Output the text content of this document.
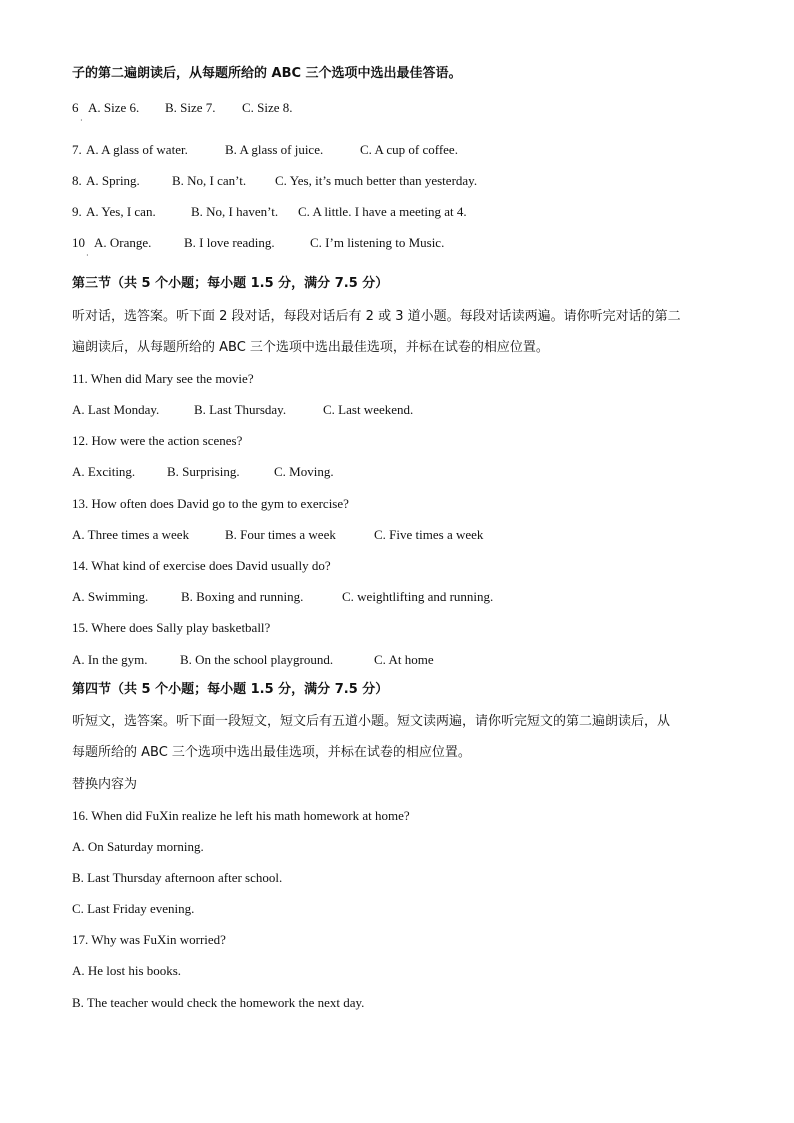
子的第二遍朗读后，从每题所给的 ABC 三个选项中选出最佳答语。
6 A. Size 6. B. Size 7. C. Size 8.
·
7. A. A glass of water.	B. A glass of juice.	C. A cup of coffee.
8. A. Spring. B. No, I can’t. C. Yes, it’s much better than yesterday.
9. A. Yes, I can.	B. No, I haven’t. C. A little. I have a meeting at 4.
10 A. Orange.	B. I love reading.	C. I’m listening to Music.
·
第三节（共 5 个小题；每小题 1.5 分，满分 7.5 分）
听对话，选答案。听下面 2 段对话，每段对话后有 2 或 3 道小题。每段对话读两遍。请你听完对话的第二
遍朗读后，从每题所给的 ABC 三个选项中选出最佳选项，并标在试卷的相应位置。
11. When did Mary see the movie?
A. Last Monday.	B. Last Thursday.	C. Last weekend.
12. How were the action scenes?
A. Exciting. B. Surprising.	C. Moving.
13. How often does David go to the gym to exercise?
A. Three times a week	B. Four times a week	C. Five times a week
14. What kind of exercise does David usually do?
A. Swimming.	B. Boxing and running.	C. weightlifting and running.
15. Where does Sally play basketball?
A. In the gym.	B. On the school playground.	C. At home
第四节（共 5 个小题；每小题 1.5 分，满分 7.5 分）
听短文，选答案。听下面一段短文，短文后有五道小题。短文读两遍，请你听完短文的第二遍朗读后，从
每题所给的 ABC 三个选项中选出最佳选项，并标在试卷的相应位置。
替换内容为
16. When did FuXin realize he left his math homework at home?
A. On Saturday morning.
B. Last Thursday afternoon after school.
C. Last Friday evening.
17. Why was FuXin worried?
A. He lost his books.
B. The teacher would check the homework the next day.
